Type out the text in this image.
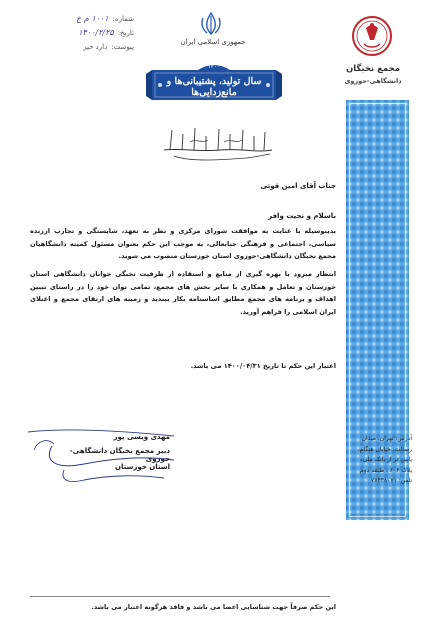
شماره:
۱۰۰۱ م خ
تاریخ:
۱۴۰۰/۲/۲۵
پیوست:
دارد خیر
جمهوری اسلامی ایران
۱۴۰۰
سال تولید، پشتیبانی‌ها و مانع‌زدایی‌ها
مجمع نخبگان
دانشگاهی-حوزوی
آدرس: تهران، میدان
رسالت، خیابان هنگام،
پایین تر از بانک ملی،
پلاک ۶۰۶ ، طبقه دوم
تلفن: ۷۷۴۴۸۰۷۱
جناب آقای امین قوتی
باسلام و تحیت وافر
بدینوسیله با عنایت به موافقت شورای مرکزی و نظر به تعهد، شایستگی و تجارب ارزنده سیاسی، اجتماعی و فرهنگی جنابعالی، به موجب این حکم بعنوان مسئول کمیته دانشگاهیان مجمع نخبگان دانشگاهی-حوزوی استان خوزستان منصوب می شوید.
انتظار میرود با بهره گیری از منابع و استفاده از ظرفیت نخبگی جوانان دانشگاهی استان خوزستان و تعامل و همکاری با سایر بخش های مجمع، تمامی توان خود را در راستای تبیین اهداف و برنامه های مجمع مطابق اساسنامه بکار ببندید و زمینه های ارتقای مجمع و اعتلای ایران اسلامی را فراهم آورید.
اعتبار این حکم تا تاریخ ۱۴۰۰/۰۴/۳۱ می باشد.
مهدی ویسی پور
دبیر مجمع نخبگان دانشگاهی-حوزوی
استان خوزستان
این حکم صرفاً جهت شناسایی اعضا می باشد و فاقد هرگونه اعتبار می باشد.
